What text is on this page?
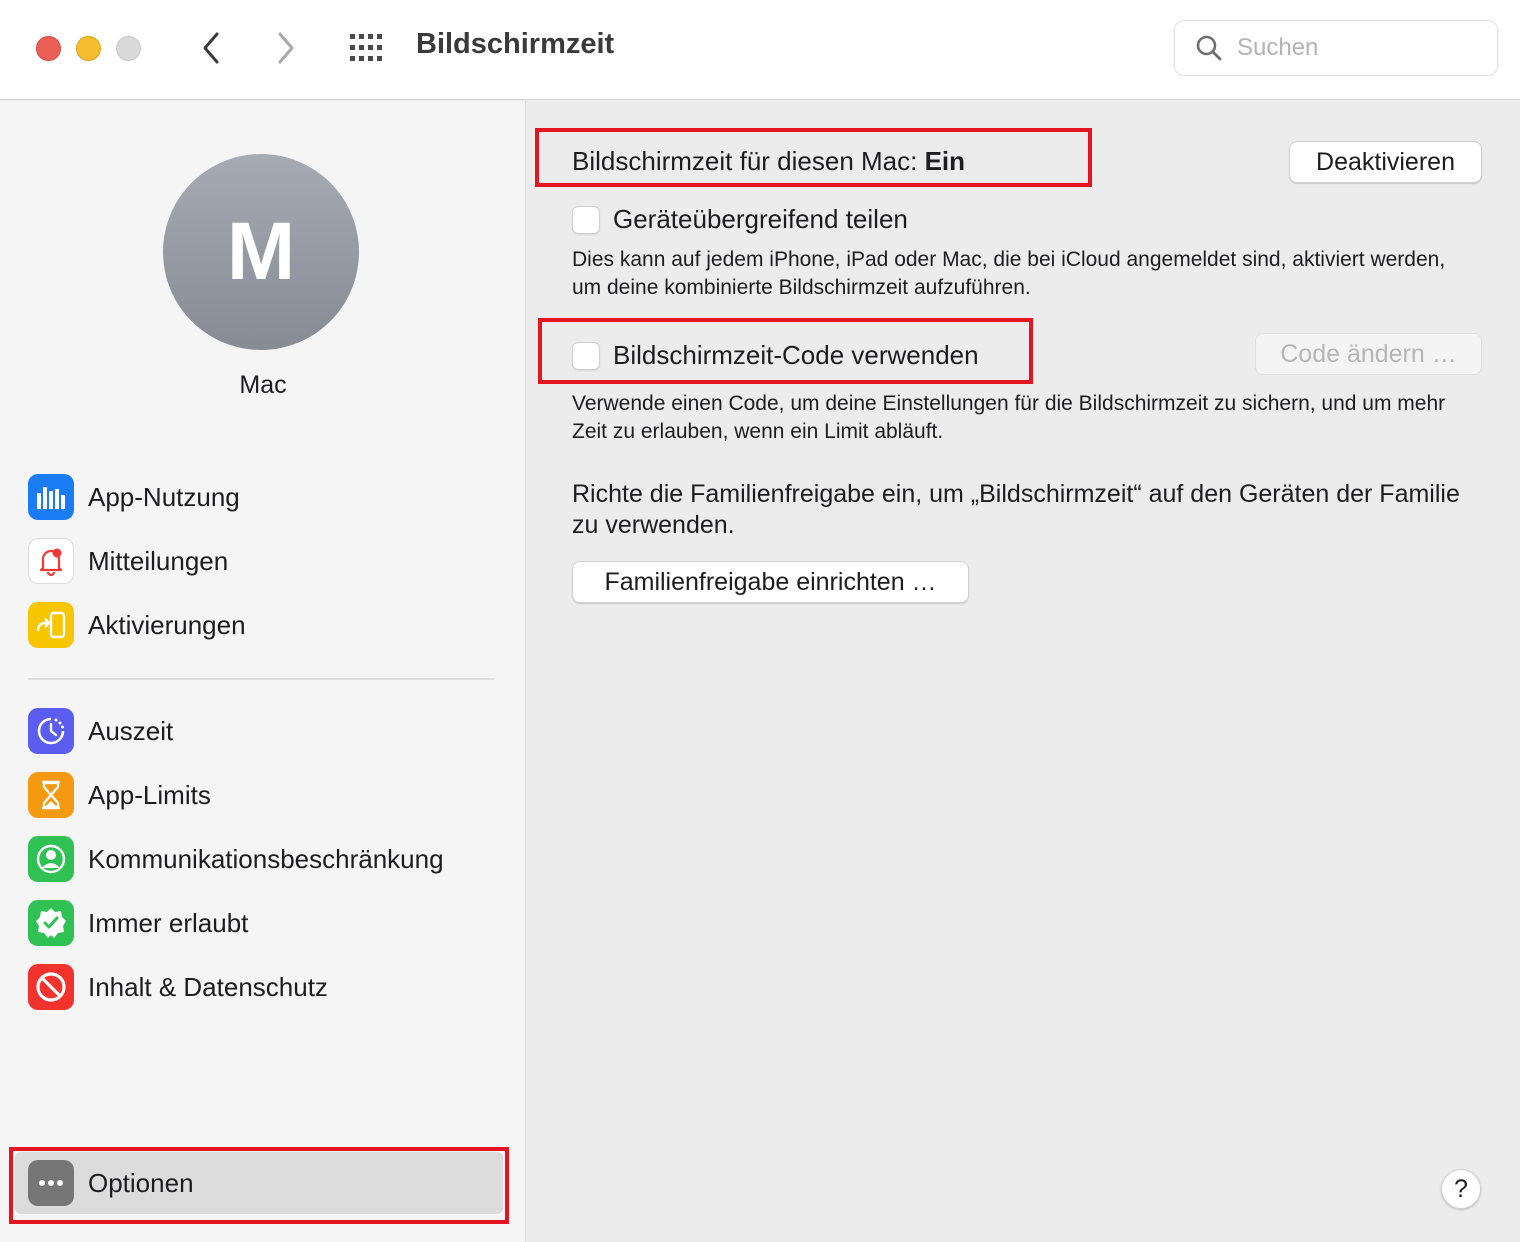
Bildschirmzeit
Suchen
M
Mac
App-Nutzung
Mitteilungen
Aktivierungen
Auszeit
App-Limits
Kommunikationsbeschränkung
Immer erlaubt
Inhalt & Datenschutz
Optionen
Bildschirmzeit für diesen Mac: Ein	Deaktivieren
Geräteübergreifend teilen
Dies kann auf jedem iPhone, iPad oder Mac, die bei iCloud angemeldet sind, aktiviert werden, um deine kombinierte Bildschirmzeit aufzuführen.
Bildschirmzeit-Code verwenden	Code ändern …
Verwende einen Code, um deine Einstellungen für die Bildschirmzeit zu sichern, und um mehr Zeit zu erlauben, wenn ein Limit abläuft.
Richte die Familienfreigabe ein, um „Bildschirmzeit“ auf den Geräten der Familie zu verwenden.
Familienfreigabe einrichten …
?
